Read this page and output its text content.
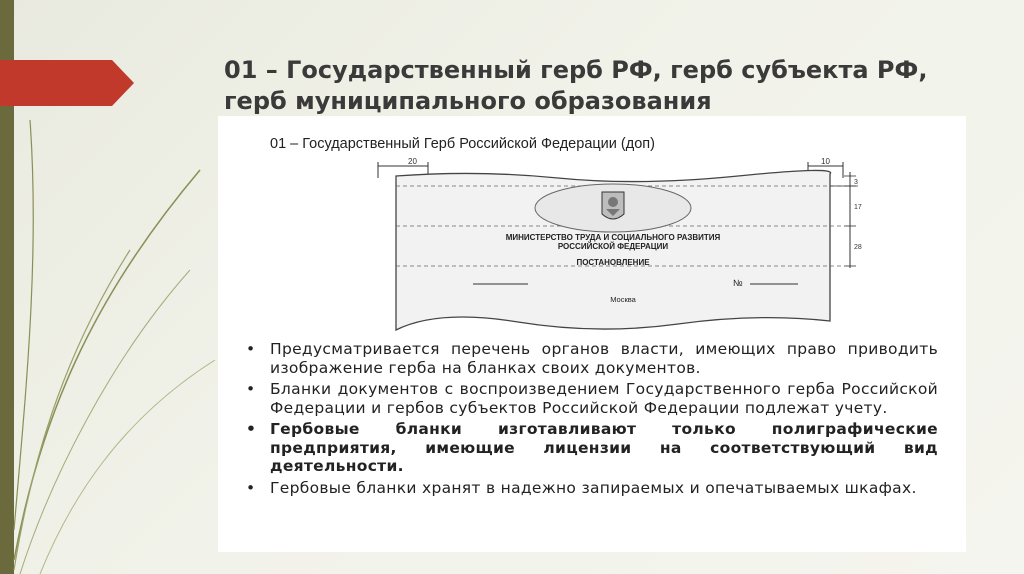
01 – Государственный герб РФ, герб субъекта РФ, герб муниципального образования
01 – Государственный Герб Российской Федерации (доп)
20	10
3
17
28
МИНИСТЕРСТВО ТРУДА И СОЦИАЛЬНОГО РАЗВИТИЯ
РОССИЙСКОЙ ФЕДЕРАЦИИ
ПОСТАНОВЛЕНИЕ
№
Москва
• Предусматривается перечень органов власти, имеющих право приводить изображение герба на бланках своих документов.
• Бланки документов с воспроизведением Государственного герба Российской Федерации и гербов субъектов Российской Федерации подлежат учету.
• Гербовые бланки изготавливают только полиграфические предприятия, имеющие лицензии на соответствующий вид деятельности.
• Гербовые бланки хранят в надежно запираемых и опечатываемых шкафах.
